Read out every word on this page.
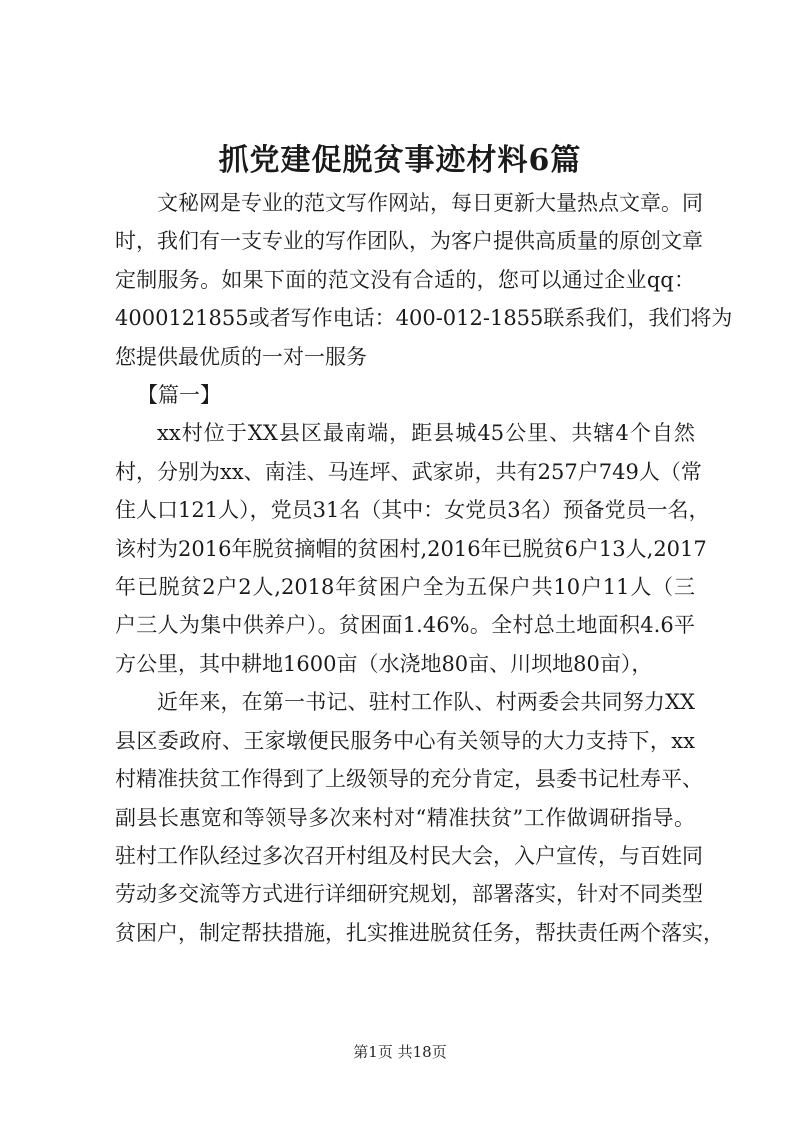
抓党建促脱贫事迹材料6篇
文秘网是专业的范文写作网站，每日更新大量热点文章。同
时，我们有一支专业的写作团队，为客户提供高质量的原创文章
定制服务。如果下面的范文没有合适的，您可以通过企业qq：
4000121855或者写作电话：400-012-1855联系我们，我们将为
您提供最优质的一对一服务
【篇一】
xx村位于XX县区最南端，距县城45公里、共辖4个自然
村，分别为xx、南洼、马连坪、武家峁，共有257户749人（常
住人口121人），党员31名（其中：女党员3名）预备党员一名，
该村为2016年脱贫摘帽的贫困村,2016年已脱贫6户13人,2017
年已脱贫2户2人,2018年贫困户全为五保户共10户11人（三
户三人为集中供养户）。贫困面1.46%。全村总土地面积4.6平
方公里，其中耕地1600亩（水浇地80亩、川坝地80亩），
近年来，在第一书记、驻村工作队、村两委会共同努力XX
县区委政府、王家墩便民服务中心有关领导的大力支持下，xx
村精准扶贫工作得到了上级领导的充分肯定，县委书记杜寿平、
副县长惠宽和等领导多次来村对“精准扶贫”工作做调研指导。
驻村工作队经过多次召开村组及村民大会，入户宣传，与百姓同
劳动多交流等方式进行详细研究规划，部署落实，针对不同类型
贫困户，制定帮扶措施，扎实推进脱贫任务，帮扶责任两个落实，
第1页 共18页
